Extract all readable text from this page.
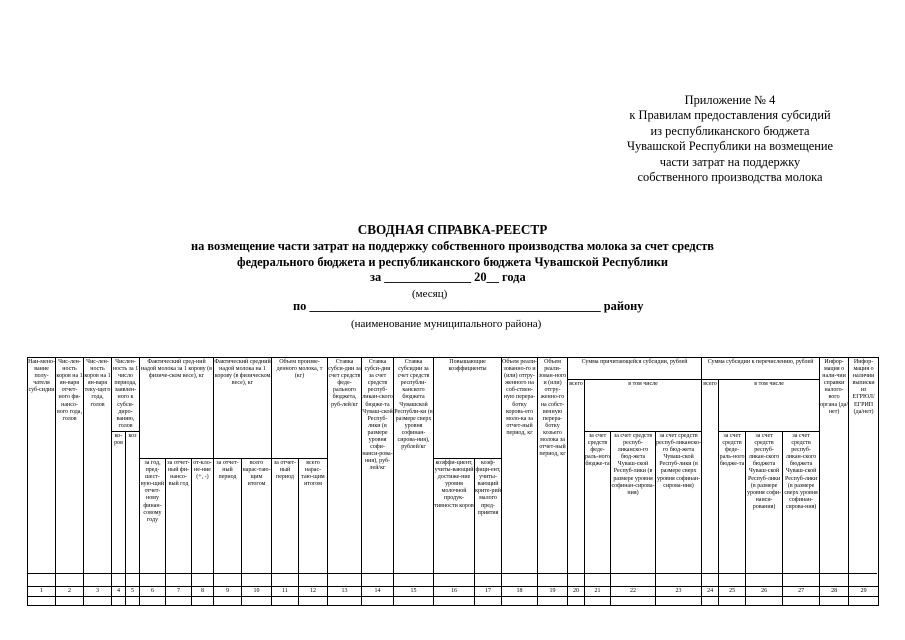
Приложение № 4
к Правилам предоставления субсидий
из республиканского бюджета
Чувашской Республики на возмещение
части затрат на поддержку
собственного производства молока
СВОДНАЯ СПРАВКА-РЕЕСТР
на возмещение части затрат на поддержку собственного производства молока за счет средств
федерального бюджета и республиканского бюджета Чувашской Республики
за ______________ 20__ года
(месяц)
по _______________________________________________ району
(наименование муниципального района)
Наи-мено-вание полу-чателя суб-сидии	Чис-лен-ность коров на 1 ян-варя отчет-ного фи-нансо-вого года, голов	Чис-лен-ность коров на 1 ян-варя теку-щего года, голов	Числен-ность за 1 число периода, заявлен-ного к субси-диро-ванию, голов		Фактический сред-ний надой молока за 1 корову (в физиче-ском весе), кг			Фактический средний надой молока на 1 корову (в физическом весе), кг		Объем произве-денного молока, т (кг)		Ставка субси-дии за счет средств феде-рального бюджета, руб-лей/кг	Ставка субси-дии за счет средств респуб-ликан-ского бюдже-та Чуваш-ской Респуб-лики (в размере уровня софи-нанси-рова-ния), руб-лей/кг	Ставка субсидии за счет средств республи-канского бюджета Чувашской Республи-ки (в размере сверх уровня софинан-сирова-ния), рублей/кг	Повышающие коэффициенты		Объем реали-зованно-го и (или) отгру-женного на соб-ствен-ную перера-ботку коровь-его моло-ка за отчет-ный период, кг	Объем реали-зован-ного и (или) отгру-женно-го на собст-венную перера-ботку козьего молока за отчет-ный период, кг	Сумма причитающейся субсидии, рублей				Сумма субсидии к перечислению, рублей				Инфор-мация о нали-чии справки налого-вого органа (да/нет)	Инфор-мация о наличии выписки из ЕГРЮЛ/ ЕГРИП (да/нет)
																			всего	в том числе			всего	в том числе				
			ко-ров	коз																за счет средств феде-раль-ного бюдже-та	за счет средств респуб-ликанско-го бюд-жета Чуваш-ской Респуб-лики (в размере уровня софинан-сирова-ния)	за счет средств респуб-ликанско-го бюд-жета Чуваш-ской Респуб-лики (в размере сверх уровня софинан-сирова-ния)		за счет средств феде-раль-ного бюдже-та	за счет средств респуб-ликан-ского бюджета Чуваш-ской Респуб-лики (в размере уровня софи-нанси-рования)	за счет средств респуб-ликан-ского бюджета Чуваш-ской Респуб-лики (в размере сверх уровня софинан-сирова-ния)		
					за год, пред-шест-вую-щий отчет-ному финан-совому году	за отчет-ный фи-нансо-вый год	от-кло-не-ние (+, -)	за отчет-ный период	всего нарас-таю-щим итогом	за отчет-ный период	всего нарас-таю-щим итогом				коэффи-циент, учиты-вающий достиже-ние уровня молочной продук-тивности коров	коэф-фици-ент, учиты-вающий крите-рий малого пред-приятия												
1	2	3	4	5	6	7	8	9	10	11	12	13	14	15	16	17	18	19	20	21	22	23	24	25	26	27	28	29
